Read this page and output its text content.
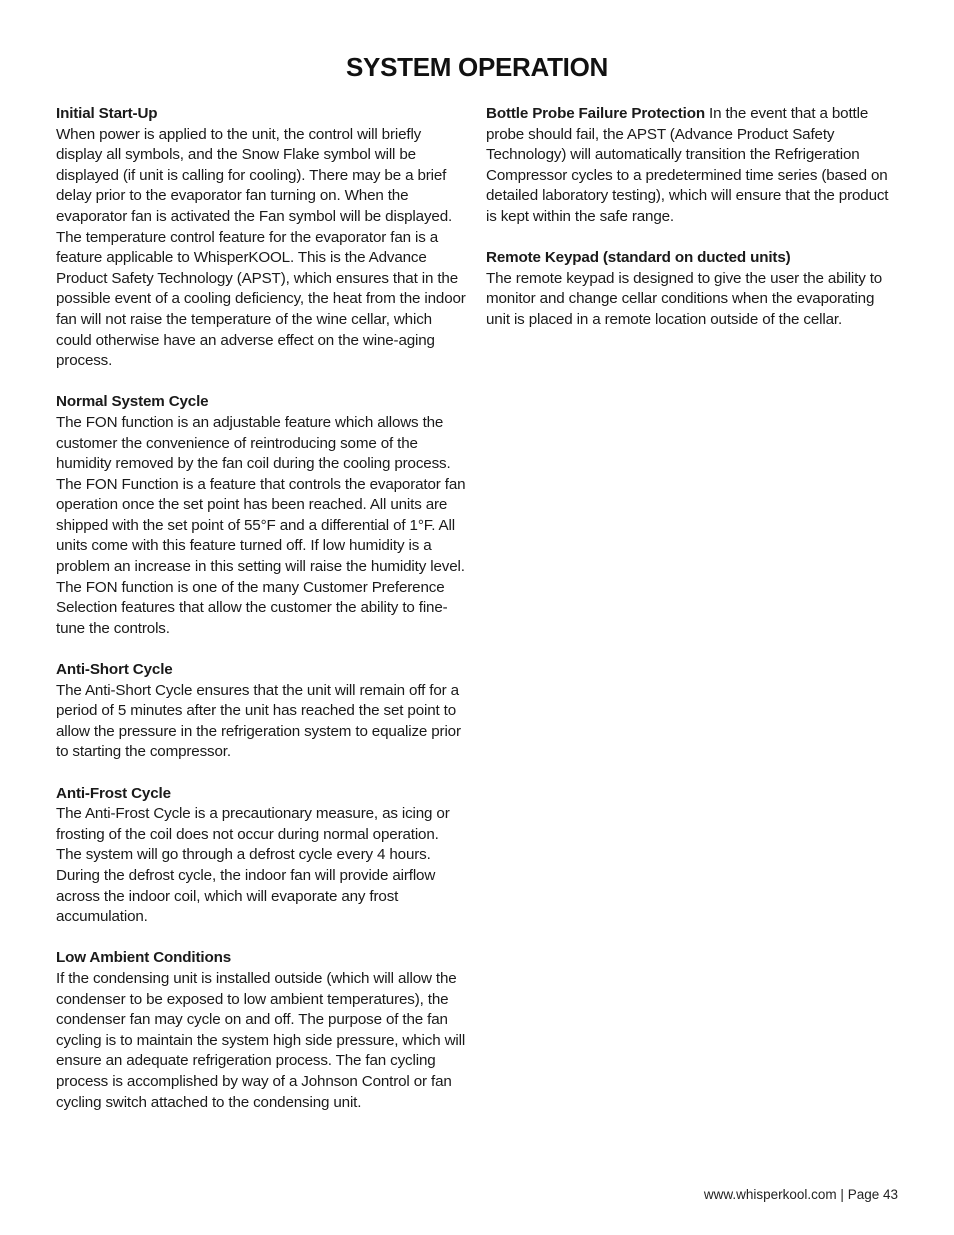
SYSTEM OPERATION
Initial Start-Up
When power is applied to the unit, the control will briefly display all symbols, and the Snow Flake symbol will be displayed (if unit is calling for cooling). There may be a brief delay prior to the evaporator fan turning on. When the evaporator fan is activated the Fan symbol will be displayed. The temperature control feature for the evaporator fan is a feature applicable to WhisperKOOL. This is the Advance Product Safety Technology (APST), which ensures that in the possible event of a cooling deficiency, the heat from the indoor fan will not raise the temperature of the wine cellar, which could otherwise have an adverse effect on the wine-aging process.
Normal System Cycle
The FON function is an adjustable feature which allows the customer the convenience of reintroducing some of the humidity removed by the fan coil during the cooling process. The FON Function is a feature that controls the evaporator fan operation once the set point has been reached. All units are shipped with the set point of 55°F and a differential of 1°F. All units come with this feature turned off. If low humidity is a problem an increase in this setting will raise the humidity level. The FON function is one of the many Customer Preference Selection features that allow the customer the ability to fine-tune the controls.
Anti-Short Cycle
The Anti-Short Cycle ensures that the unit will remain off for a period of 5 minutes after the unit has reached the set point to allow the pressure in the refrigeration system to equalize prior to starting the compressor.
Anti-Frost Cycle
The Anti-Frost Cycle is a precautionary measure, as icing or frosting of the coil does not occur during normal operation. The system will go through a defrost cycle every 4 hours. During the defrost cycle, the indoor fan will provide airflow across the indoor coil, which will evaporate any frost accumulation.
Low Ambient Conditions
If the condensing unit is installed outside (which will allow the condenser to be exposed to low ambient temperatures), the condenser fan may cycle on and off. The purpose of the fan cycling is to maintain the system high side pressure, which will ensure an adequate refrigeration process. The fan cycling process is accomplished by way of a Johnson Control or fan cycling switch attached to the condensing unit.
Bottle Probe Failure Protection In the event that a bottle probe should fail, the APST (Advance Product Safety Technology) will automatically transition the Refrigeration Compressor cycles to a predetermined time series (based on detailed laboratory testing), which will ensure that the product is kept within the safe range.
Remote Keypad (standard on ducted units)
The remote keypad is designed to give the user the ability to monitor and change cellar conditions when the evaporating unit is placed in a remote location outside of the cellar.
www.whisperkool.com | Page 43
